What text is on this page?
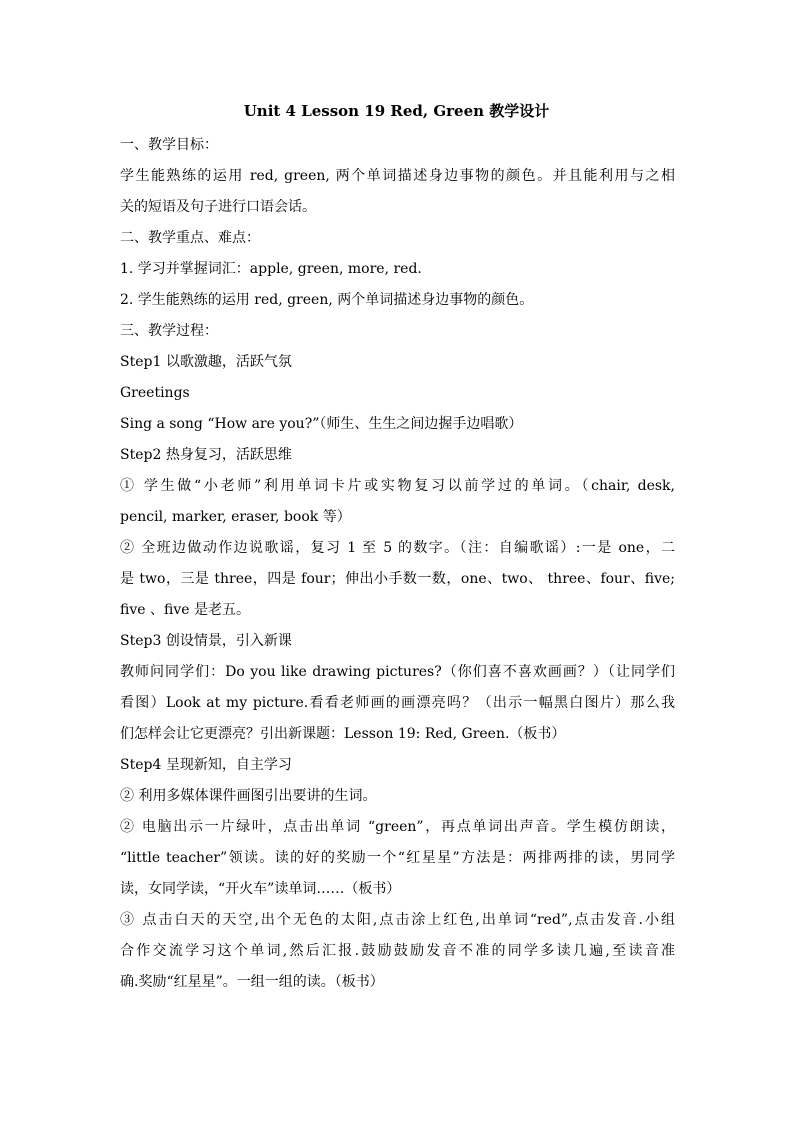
Unit 4 Lesson 19 Red, Green 教学设计
一、教学目标：
学生能熟练的运用 red, green, 两个单词描述身边事物的颜色。并且能利用与之相
关的短语及句子进行口语会话。
二、教学重点、难点：
1. 学习并掌握词汇：apple, green, more, red.
2. 学生能熟练的运用 red, green, 两个单词描述身边事物的颜色。
三、教学过程：
Step1 以歌激趣，活跃气氛
Greetings
Sing a song “How are you?”（师生、生生之间边握手边唱歌）
Step2 热身复习，活跃思维
① 学生做“小老师”利用单词卡片或实物复习以前学过的单词。（chair, desk,
pencil, marker, eraser, book 等）
② 全班边做动作边说歌谣，复习 1 至 5 的数字。（注：自编歌谣）:一是 one，二
是 two，三是 three，四是 four；伸出小手数一数，one、two、 three、four、five;
five 、five 是老五。
Step3 创设情景，引入新课
教师问同学们：Do you like drawing pictures?（你们喜不喜欢画画？）（让同学们
看图）Look at my picture.看看老师画的画漂亮吗？（出示一幅黑白图片）那么我
们怎样会让它更漂亮？引出新课题：Lesson 19: Red, Green.（板书）
Step4 呈现新知，自主学习
② 利用多媒体课件画图引出要讲的生词。
② 电脑出示一片绿叶，点击出单词 “green”，再点单词出声音。学生模仿朗读，
“little teacher”领读。读的好的奖励一个“红星星”方法是：两排两排的读，男同学
读，女同学读，“开火车”读单词……（板书）
③ 点击白天的天空,出个无色的太阳,点击涂上红色,出单词“red”,点击发音.小组
合作交流学习这个单词,然后汇报.鼓励鼓励发音不准的同学多读几遍,至读音准
确.奖励“红星星”。一组一组的读。（板书）
